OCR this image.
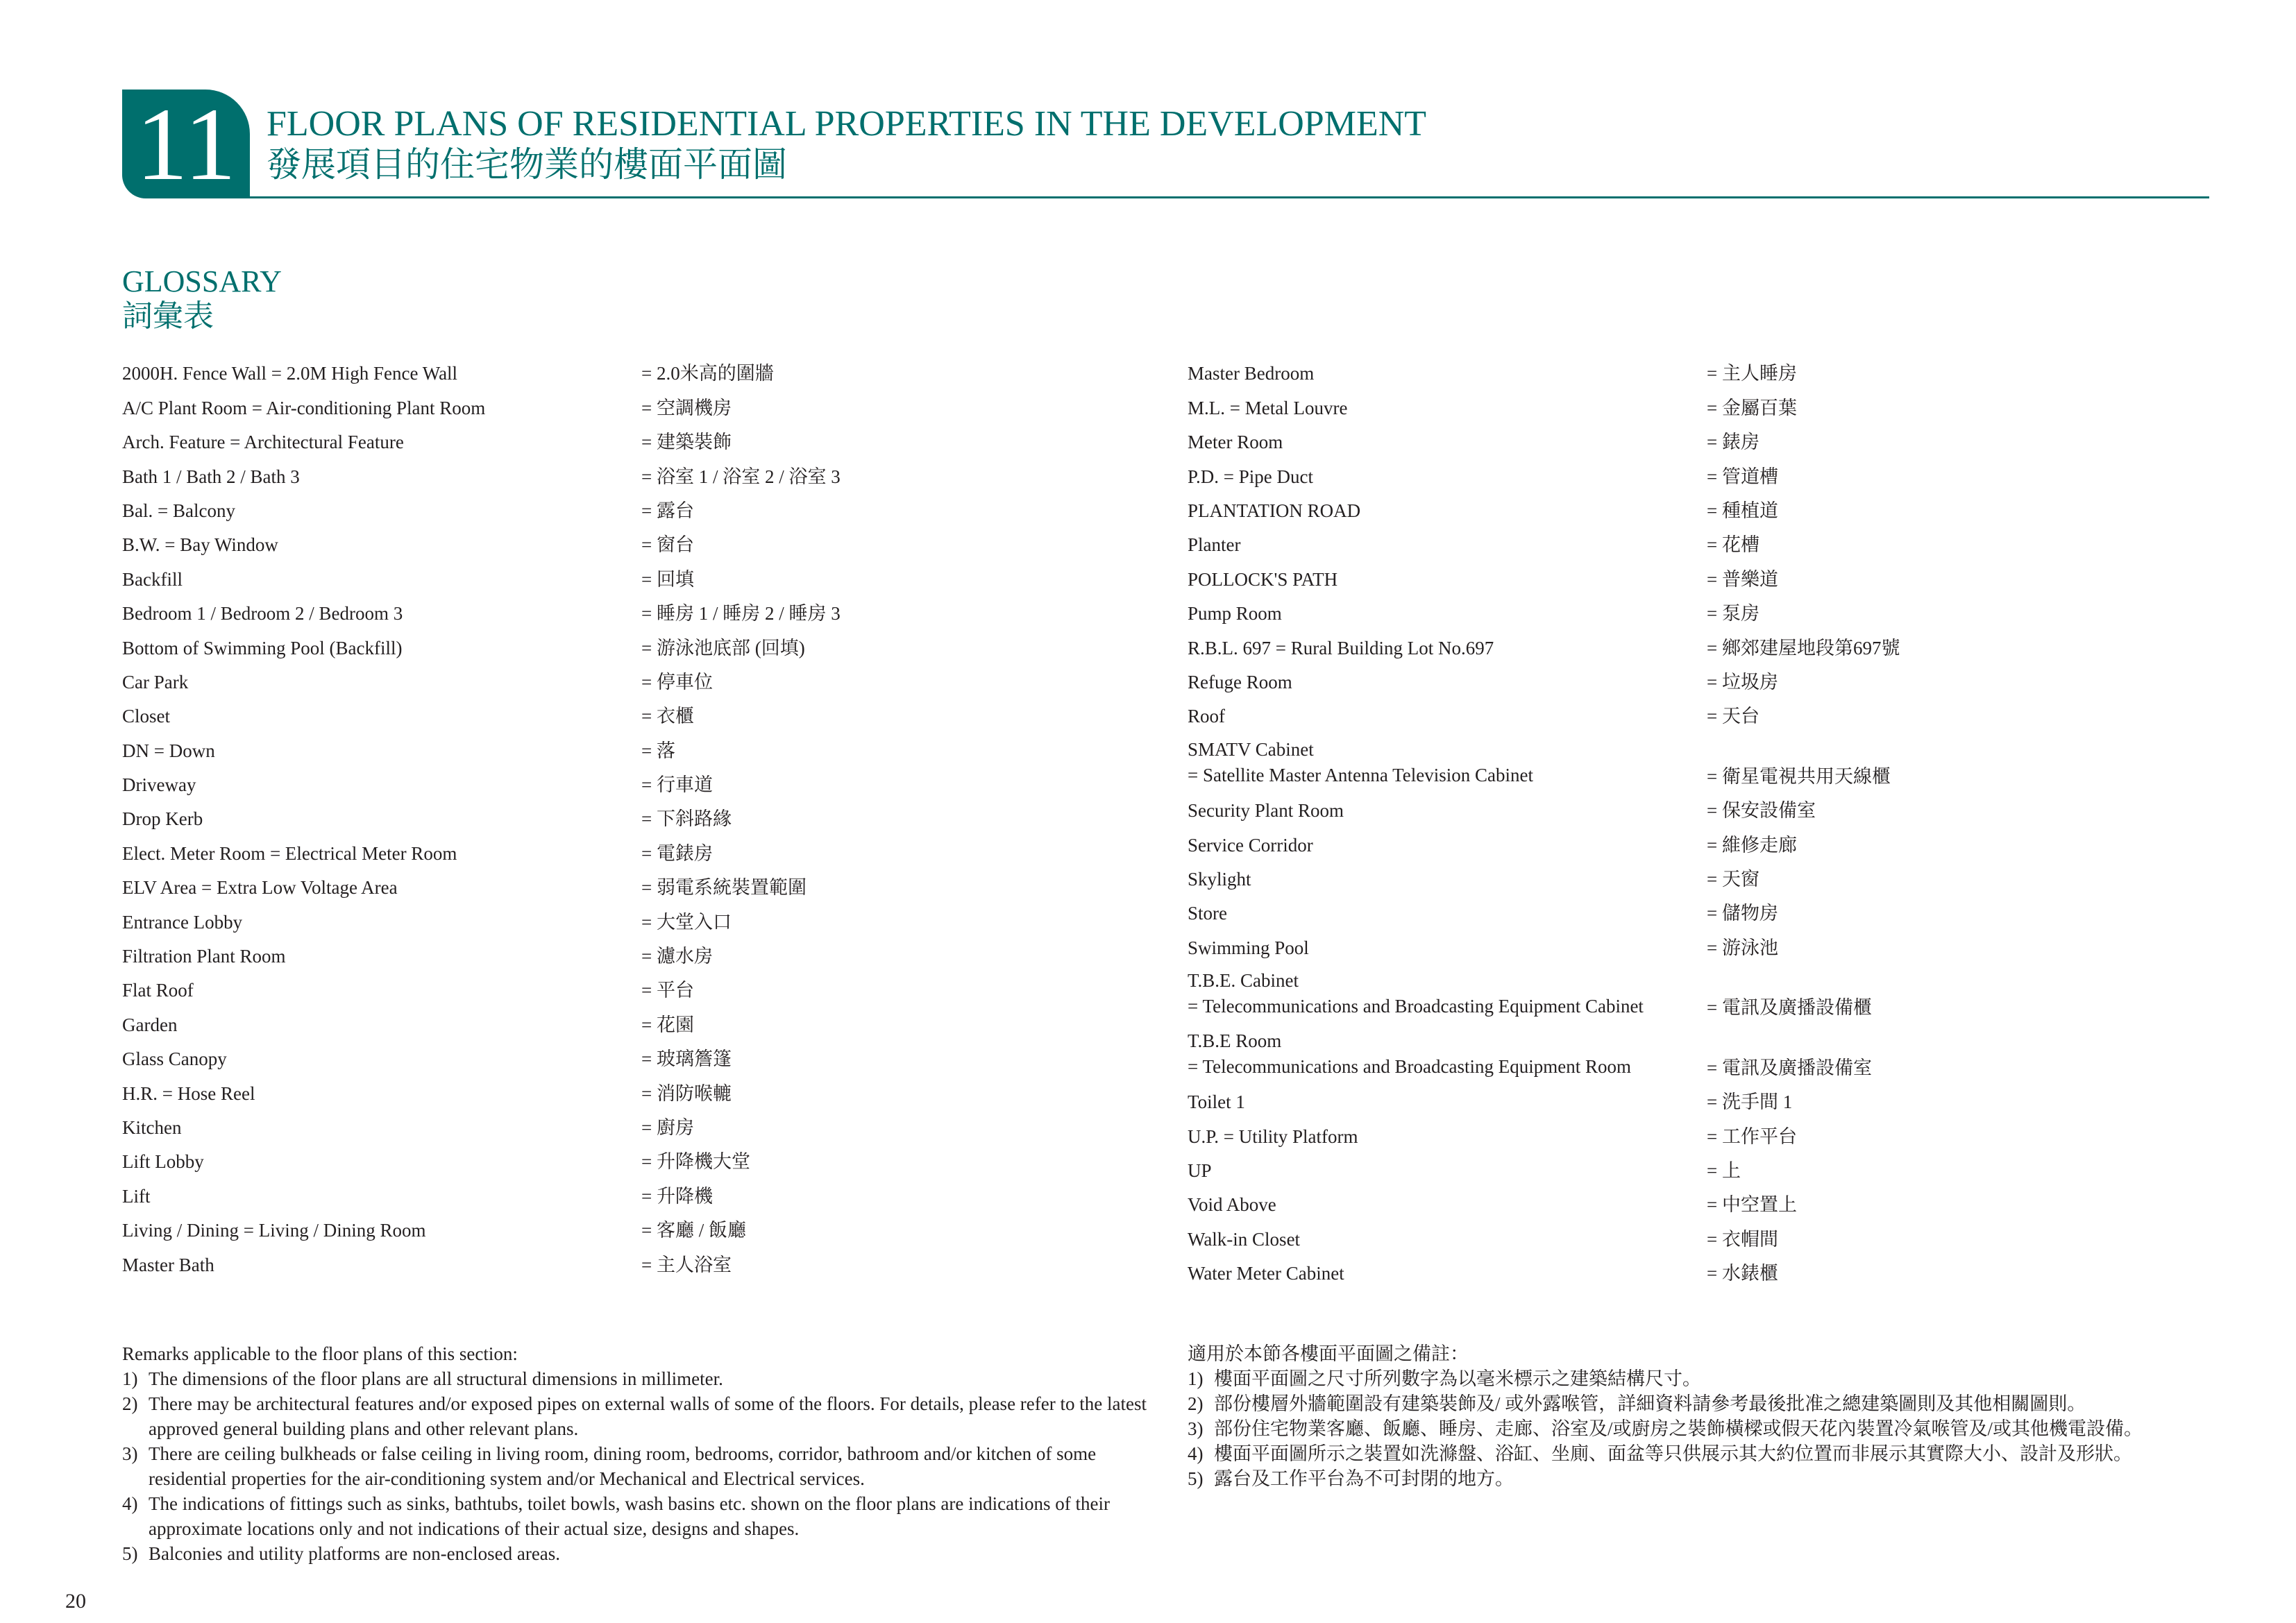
11 FLOOR PLANS OF RESIDENTIAL PROPERTIES IN THE DEVELOPMENT
發展項目的住宅物業的樓面平面圖
GLOSSARY
詞彙表
2000H. Fence Wall = 2.0M High Fence Wall	= 2.0米高的圍牆
A/C Plant Room = Air-conditioning Plant Room	= 空調機房
Arch. Feature = Architectural Feature	= 建築裝飾
Bath 1 / Bath 2 / Bath 3	= 浴室 1 / 浴室 2 / 浴室 3
Bal. = Balcony	= 露台
B.W. = Bay Window	= 窗台
Backfill	= 回填
Bedroom 1 / Bedroom 2 / Bedroom 3	= 睡房 1 / 睡房 2 / 睡房 3
Bottom of Swimming Pool (Backfill)	= 游泳池底部 (回填)
Car Park	= 停車位
Closet	= 衣櫃
DN = Down	= 落
Driveway	= 行車道
Drop Kerb	= 下斜路緣
Elect. Meter Room = Electrical Meter Room	= 電錶房
ELV Area = Extra Low Voltage Area	= 弱電系統裝置範圍
Entrance Lobby	= 大堂入口
Filtration Plant Room	= 濾水房
Flat Roof	= 平台
Garden	= 花園
Glass Canopy	= 玻璃簷篷
H.R. = Hose Reel	= 消防喉轆
Kitchen	= 廚房
Lift Lobby	= 升降機大堂
Lift	= 升降機
Living / Dining = Living / Dining Room	= 客廳 / 飯廳
Master Bath	= 主人浴室
Master Bedroom	= 主人睡房
M.L. = Metal Louvre	= 金屬百葉
Meter Room	= 錶房
P.D. = Pipe Duct	= 管道槽
PLANTATION ROAD	= 種植道
Planter	= 花槽
POLLOCK'S PATH	= 普樂道
Pump Room	= 泵房
R.B.L. 697 = Rural Building Lot No.697	= 鄉郊建屋地段第697號
Refuge Room	= 垃圾房
Roof	= 天台
SMATV Cabinet
= Satellite Master Antenna Television Cabinet	= 衛星電視共用天線櫃
Security Plant Room	= 保安設備室
Service Corridor	= 維修走廊
Skylight	= 天窗
Store	= 儲物房
Swimming Pool	= 游泳池
T.B.E. Cabinet
= Telecommunications and Broadcasting Equipment Cabinet	= 電訊及廣播設備櫃
T.B.E Room
= Telecommunications and Broadcasting Equipment Room	= 電訊及廣播設備室
Toilet 1	= 洗手間 1
U.P. = Utility Platform	= 工作平台
UP	= 上
Void Above	= 中空置上
Walk-in Closet	= 衣帽間
Water Meter Cabinet	= 水錶櫃
Remarks applicable to the floor plans of this section:
1) The dimensions of the floor plans are all structural dimensions in millimeter.
2) There may be architectural features and/or exposed pipes on external walls of some of the floors. For details, please refer to the latest approved general building plans and other relevant plans.
3) There are ceiling bulkheads or false ceiling in living room, dining room, bedrooms, corridor, bathroom and/or kitchen of some residential properties for the air-conditioning system and/or Mechanical and Electrical services.
4) The indications of fittings such as sinks, bathtubs, toilet bowls, wash basins etc. shown on the floor plans are indications of their approximate locations only and not indications of their actual size, designs and shapes.
5) Balconies and utility platforms are non-enclosed areas.
適用於本節各樓面平面圖之備註：
1) 樓面平面圖之尺寸所列數字為以毫米標示之建築結構尺寸。
2) 部份樓層外牆範圍設有建築裝飾及/ 或外露喉管，詳細資料請參考最後批准之總建築圖則及其他相關圖則。
3) 部份住宅物業客廳、飯廳、睡房、走廊、浴室及/或廚房之裝飾橫樑或假天花內裝置冷氣喉管及/或其他機電設備。
4) 樓面平面圖所示之裝置如洗滌盤、浴缸、坐廁、面盆等只供展示其大約位置而非展示其實際大小、設計及形狀。
5) 露台及工作平台為不可封閉的地方。
20
